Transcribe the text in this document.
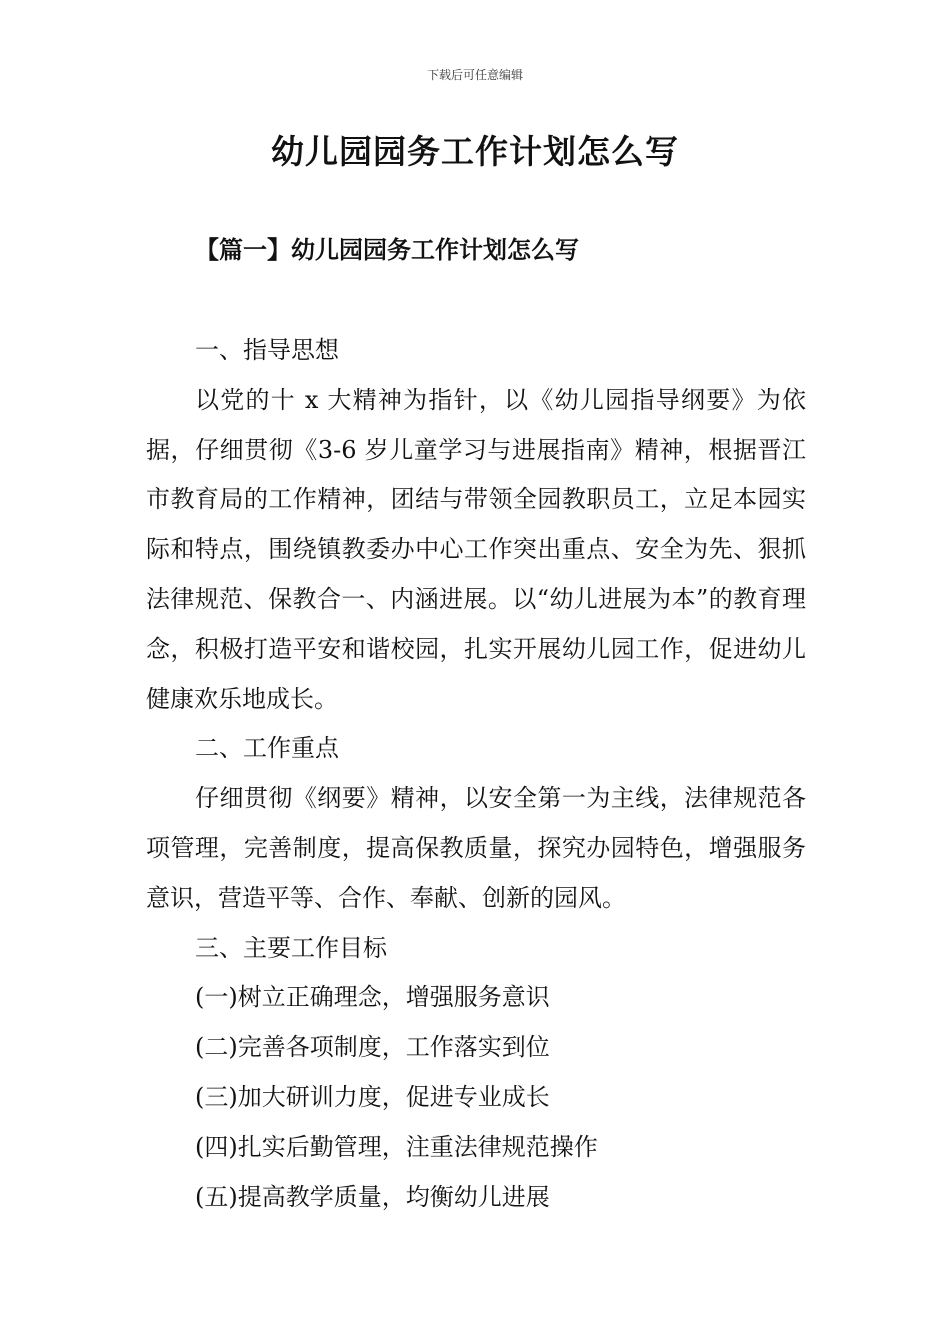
下载后可任意编辑
幼儿园园务工作计划怎么写
【篇一】幼儿园园务工作计划怎么写

一、指导思想

以党的十 x 大精神为指针，以《幼儿园指导纲要》为依据，仔细贯彻《3-6 岁儿童学习与进展指南》精神，根据晋江市教育局的工作精神，团结与带领全园教职员工，立足本园实际和特点，围绕镇教委办中心工作突出重点、安全为先、狠抓法律规范、保教合一、内涵进展。以“幼儿进展为本”的教育理念，积极打造平安和谐校园，扎实开展幼儿园工作，促进幼儿健康欢乐地成长。

二、工作重点

仔细贯彻《纲要》精神，以安全第一为主线，法律规范各项管理，完善制度，提高保教质量，探究办园特色，增强服务意识，营造平等、合作、奉献、创新的园风。

三、主要工作目标

(一)树立正确理念，增强服务意识

(二)完善各项制度，工作落实到位

(三)加大研训力度，促进专业成长

(四)扎实后勤管理，注重法律规范操作

(五)提高教学质量，均衡幼儿进展
